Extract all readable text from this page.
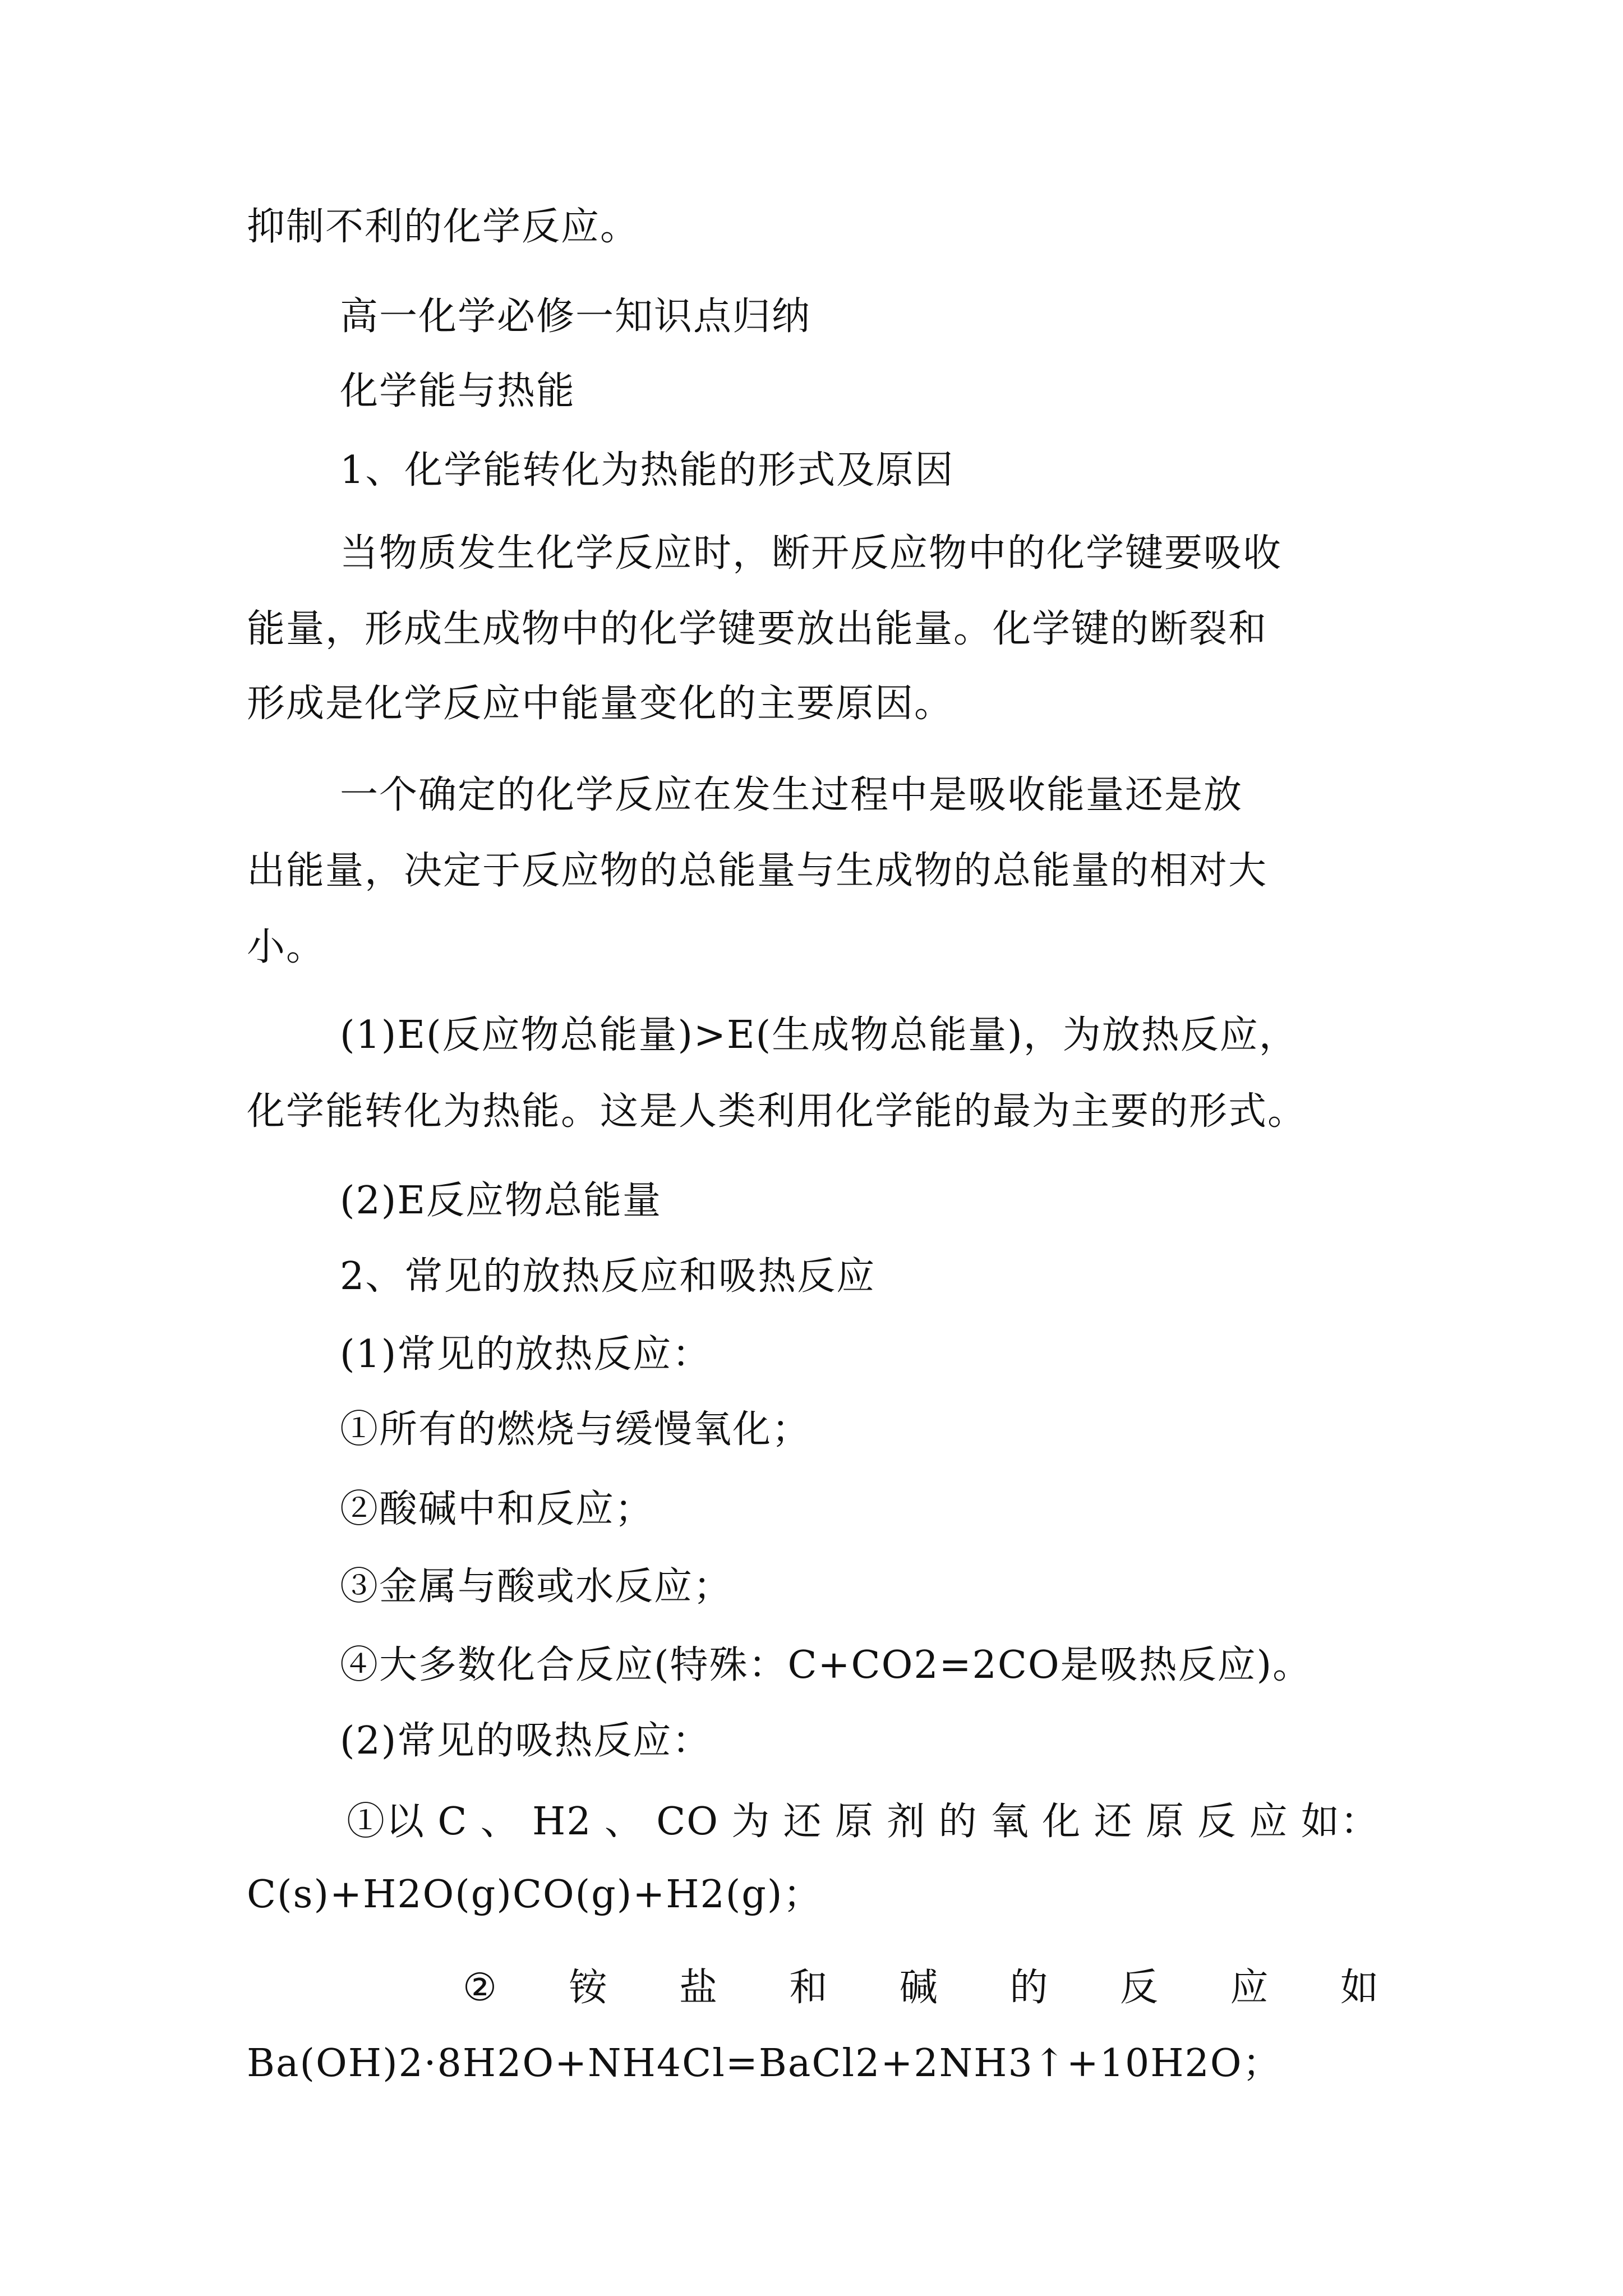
抑制不利的化学反应。
高一化学必修一知识点归纳
化学能与热能
1、化学能转化为热能的形式及原因
当物质发生化学反应时，断开反应物中的化学键要吸收
能量，形成生成物中的化学键要放出能量。化学键的断裂和
形成是化学反应中能量变化的主要原因。
一个确定的化学反应在发生过程中是吸收能量还是放
出能量，决定于反应物的总能量与生成物的总能量的相对大
小。
(1)E(反应物总能量)>E(生成物总能量)，为放热反应，
化学能转化为热能。这是人类利用化学能的最为主要的形式。
(2)E反应物总能量
2、常见的放热反应和吸热反应
(1)常见的放热反应：
①所有的燃烧与缓慢氧化；
②酸碱中和反应；
③金属与酸或水反应；
④大多数化合反应(特殊：C+CO2=2CO是吸热反应)。
(2)常见的吸热反应：
①以 C 、 H2 、 CO 为 还 原 剂 的 氧 化 还 原 反 应 如：
C(s)+H2O(g)CO(g)+H2(g)；
② 铵 盐 和 碱 的 反 应 如
Ba(OH)2·8H2O+NH4Cl=BaCl2+2NH3↑+10H2O；
